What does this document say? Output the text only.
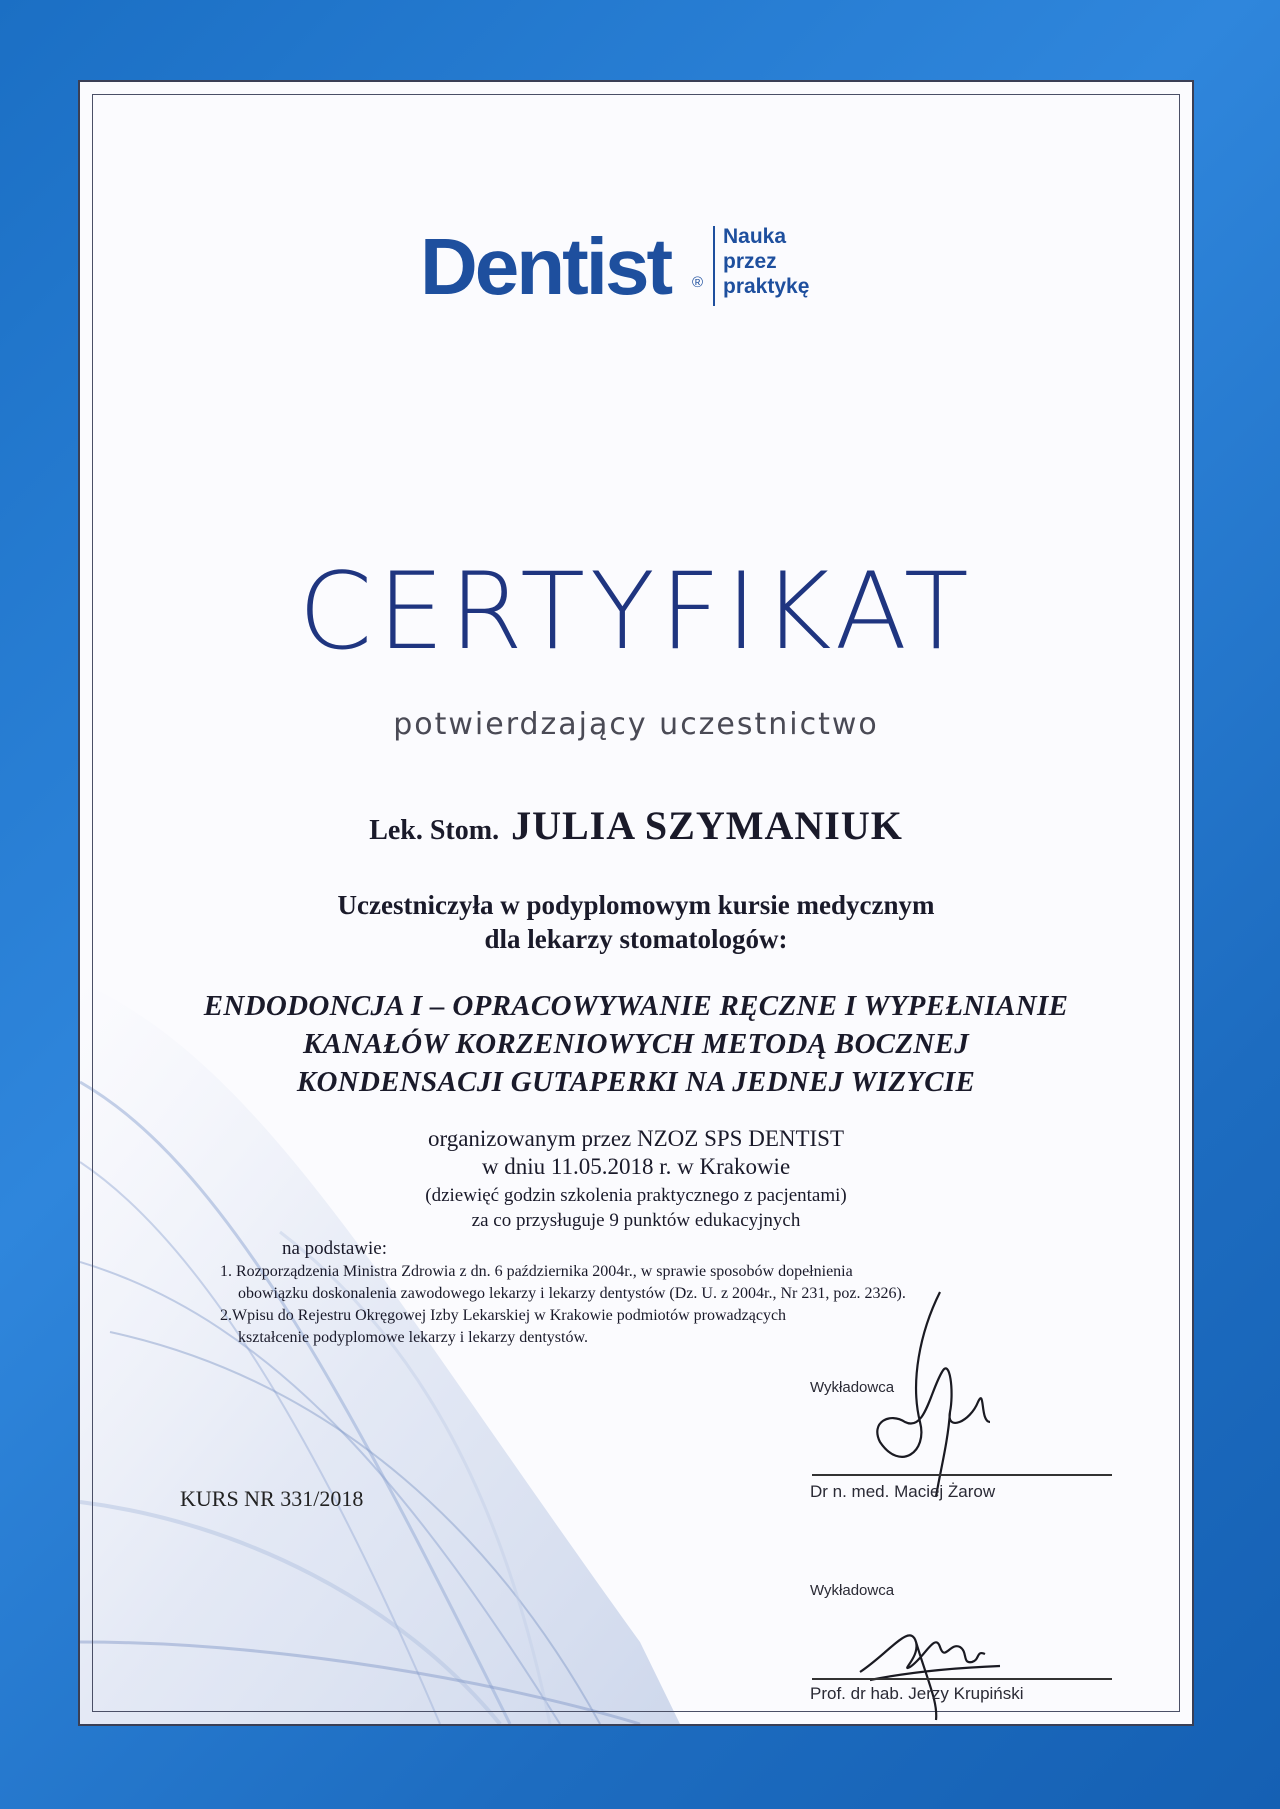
Dentist ®
Nauka
przez
praktykę
CERTYFIKAT
potwierdzający uczestnictwo
Lek. Stom. JULIA SZYMANIUK
Uczestniczyła w podyplomowym kursie medycznym
dla lekarzy stomatologów:
ENDODONCJA I – OPRACOWYWANIE RĘCZNE I WYPEŁNIANIE
KANAŁÓW KORZENIOWYCH METODĄ BOCZNEJ
KONDENSACJI GUTAPERKI NA JEDNEJ WIZYCIE
organizowanym przez NZOZ SPS DENTIST
w dniu 11.05.2018 r. w Krakowie
(dziewięć godzin szkolenia praktycznego z pacjentami)
za co przysługuje 9 punktów edukacyjnych
na podstawie:
1. Rozporządzenia Ministra Zdrowia z dn. 6 października 2004r., w sprawie sposobów dopełnienia
obowiązku doskonalenia zawodowego lekarzy i lekarzy dentystów (Dz. U. z 2004r., Nr 231, poz. 2326).
2.Wpisu do Rejestru Okręgowej Izby Lekarskiej w Krakowie podmiotów prowadzących
kształcenie podyplomowe lekarzy i lekarzy dentystów.
KURS NR 331/2018
Wykładowca
Dr n. med. Maciej Żarow
Wykładowca
Prof. dr hab. Jerzy Krupiński
